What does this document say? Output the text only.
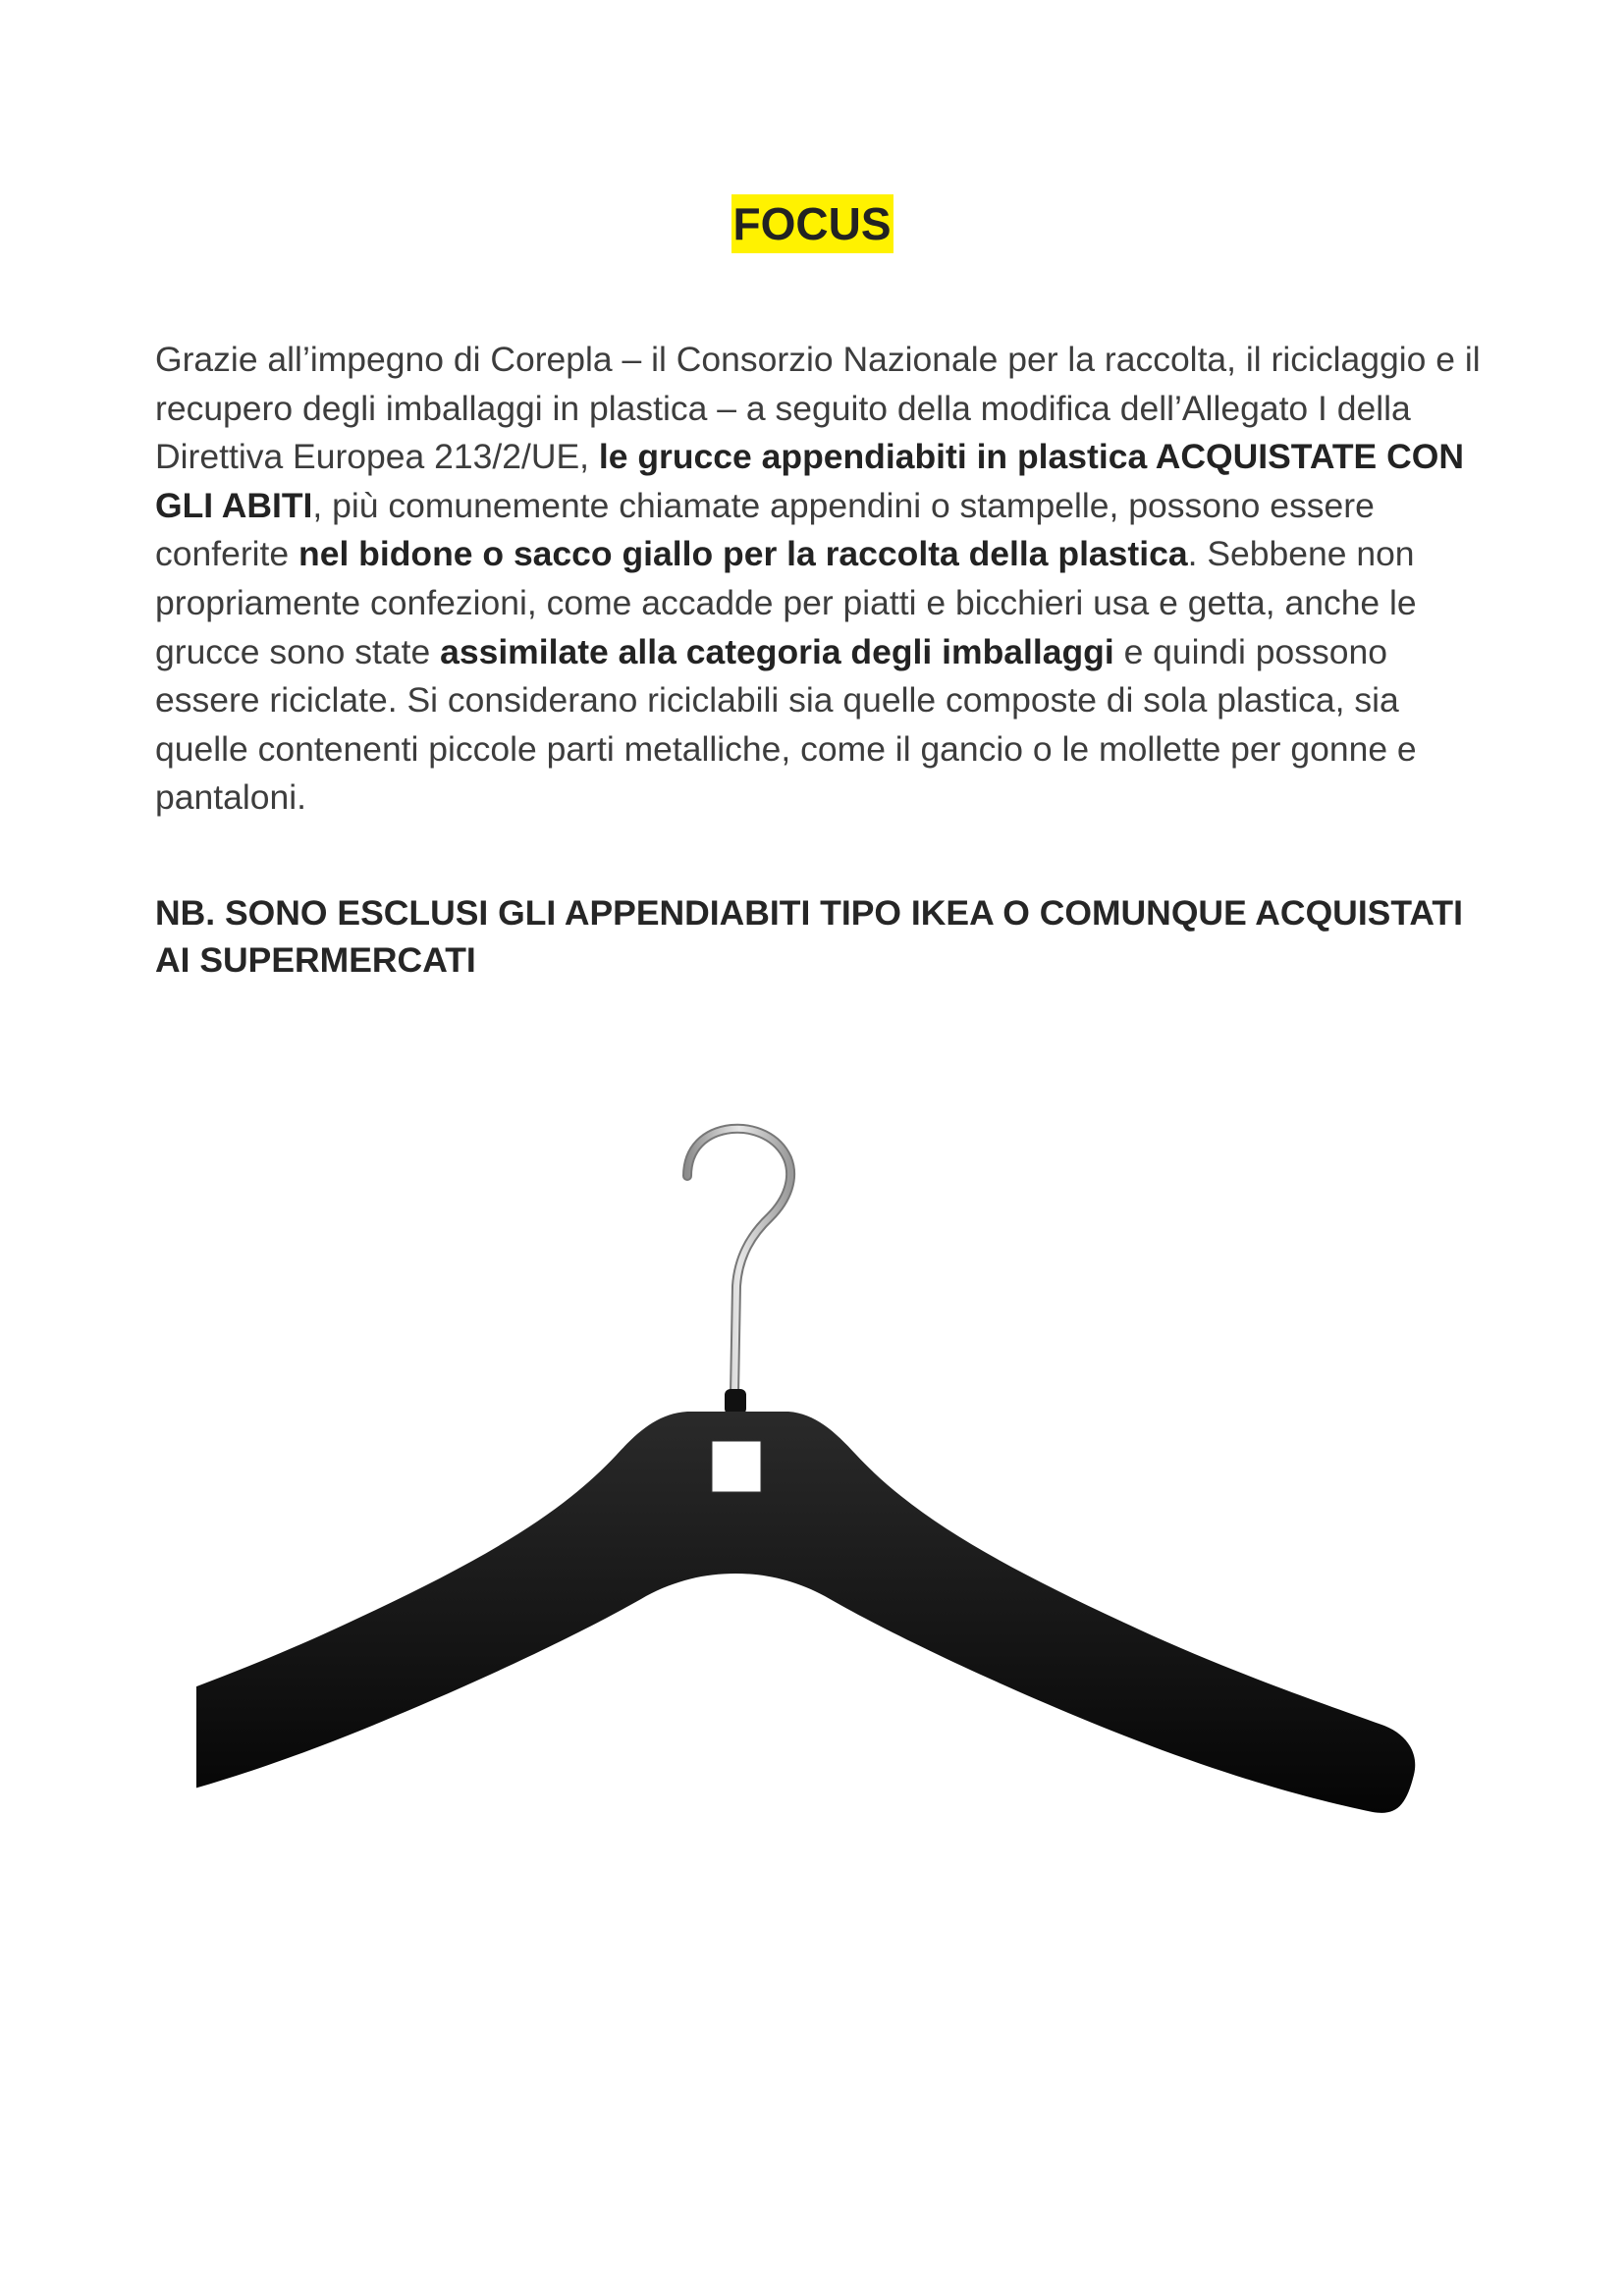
FOCUS
Grazie all’impegno di Corepla – il Consorzio Nazionale per la raccolta, il riciclaggio e il recupero degli imballaggi in plastica – a seguito della modifica dell’Allegato I della Direttiva Europea 213/2/UE, le grucce appendiabiti in plastica ACQUISTATE CON GLI ABITI, più comunemente chiamate appendini o stampelle, possono essere conferite nel bidone o sacco giallo per la raccolta della plastica. Sebbene non propriamente confezioni, come accadde per piatti e bicchieri usa e getta, anche le grucce sono state assimilate alla categoria degli imballaggi e quindi possono essere riciclate. Si considerano riciclabili sia quelle composte di sola plastica, sia quelle contenenti piccole parti metalliche, come il gancio o le mollette per gonne e pantaloni.
NB. SONO ESCLUSI GLI APPENDIABITI TIPO IKEA O COMUNQUE ACQUISTATI AI SUPERMERCATI
